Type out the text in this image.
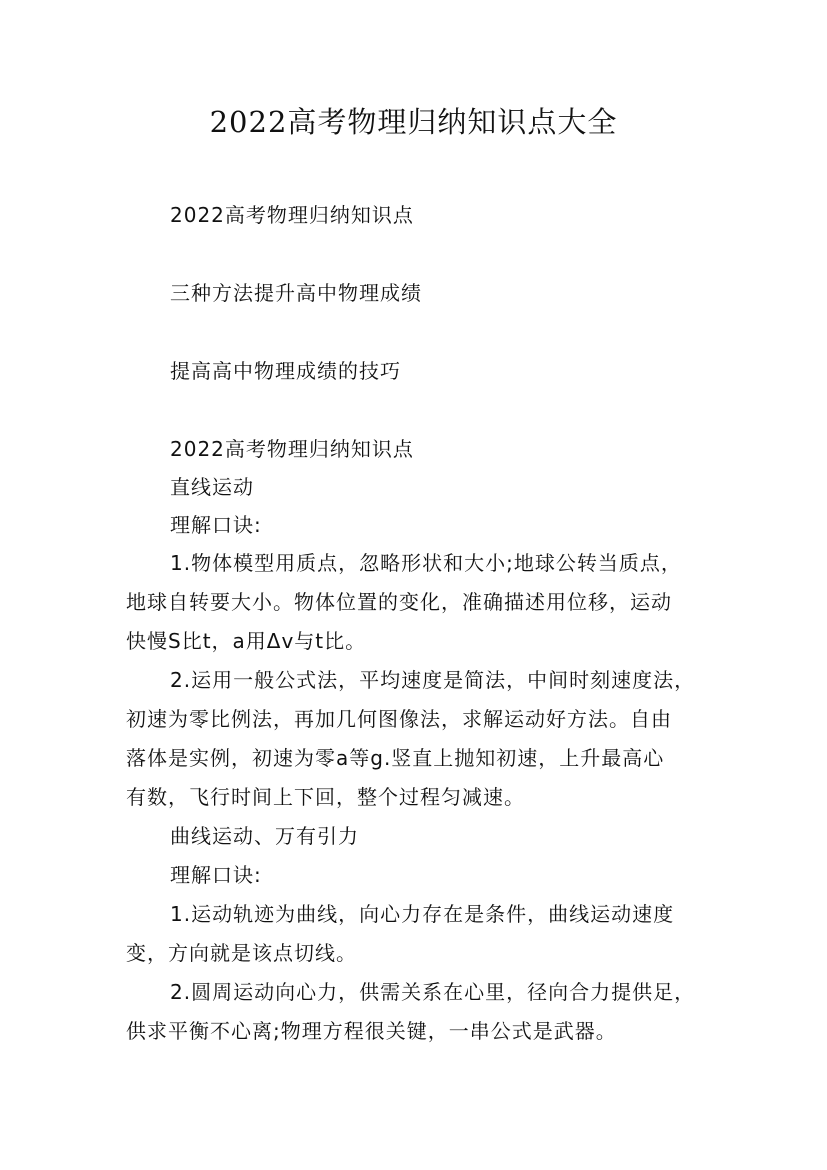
2022高考物理归纳知识点大全
2022高考物理归纳知识点
三种方法提升高中物理成绩
提高高中物理成绩的技巧
2022高考物理归纳知识点
直线运动
理解口诀:
1.物体模型用质点，忽略形状和大小;地球公转当质点，
地球自转要大小。物体位置的变化，准确描述用位移，运动
快慢S比t，a用Δv与t比。
2.运用一般公式法，平均速度是简法，中间时刻速度法，
初速为零比例法，再加几何图像法，求解运动好方法。自由
落体是实例，初速为零a等g.竖直上抛知初速，上升最高心
有数，飞行时间上下回，整个过程匀减速。
曲线运动、万有引力
理解口诀:
1.运动轨迹为曲线，向心力存在是条件，曲线运动速度
变，方向就是该点切线。
2.圆周运动向心力，供需关系在心里，径向合力提供足，
供求平衡不心离;物理方程很关键，一串公式是武器。
